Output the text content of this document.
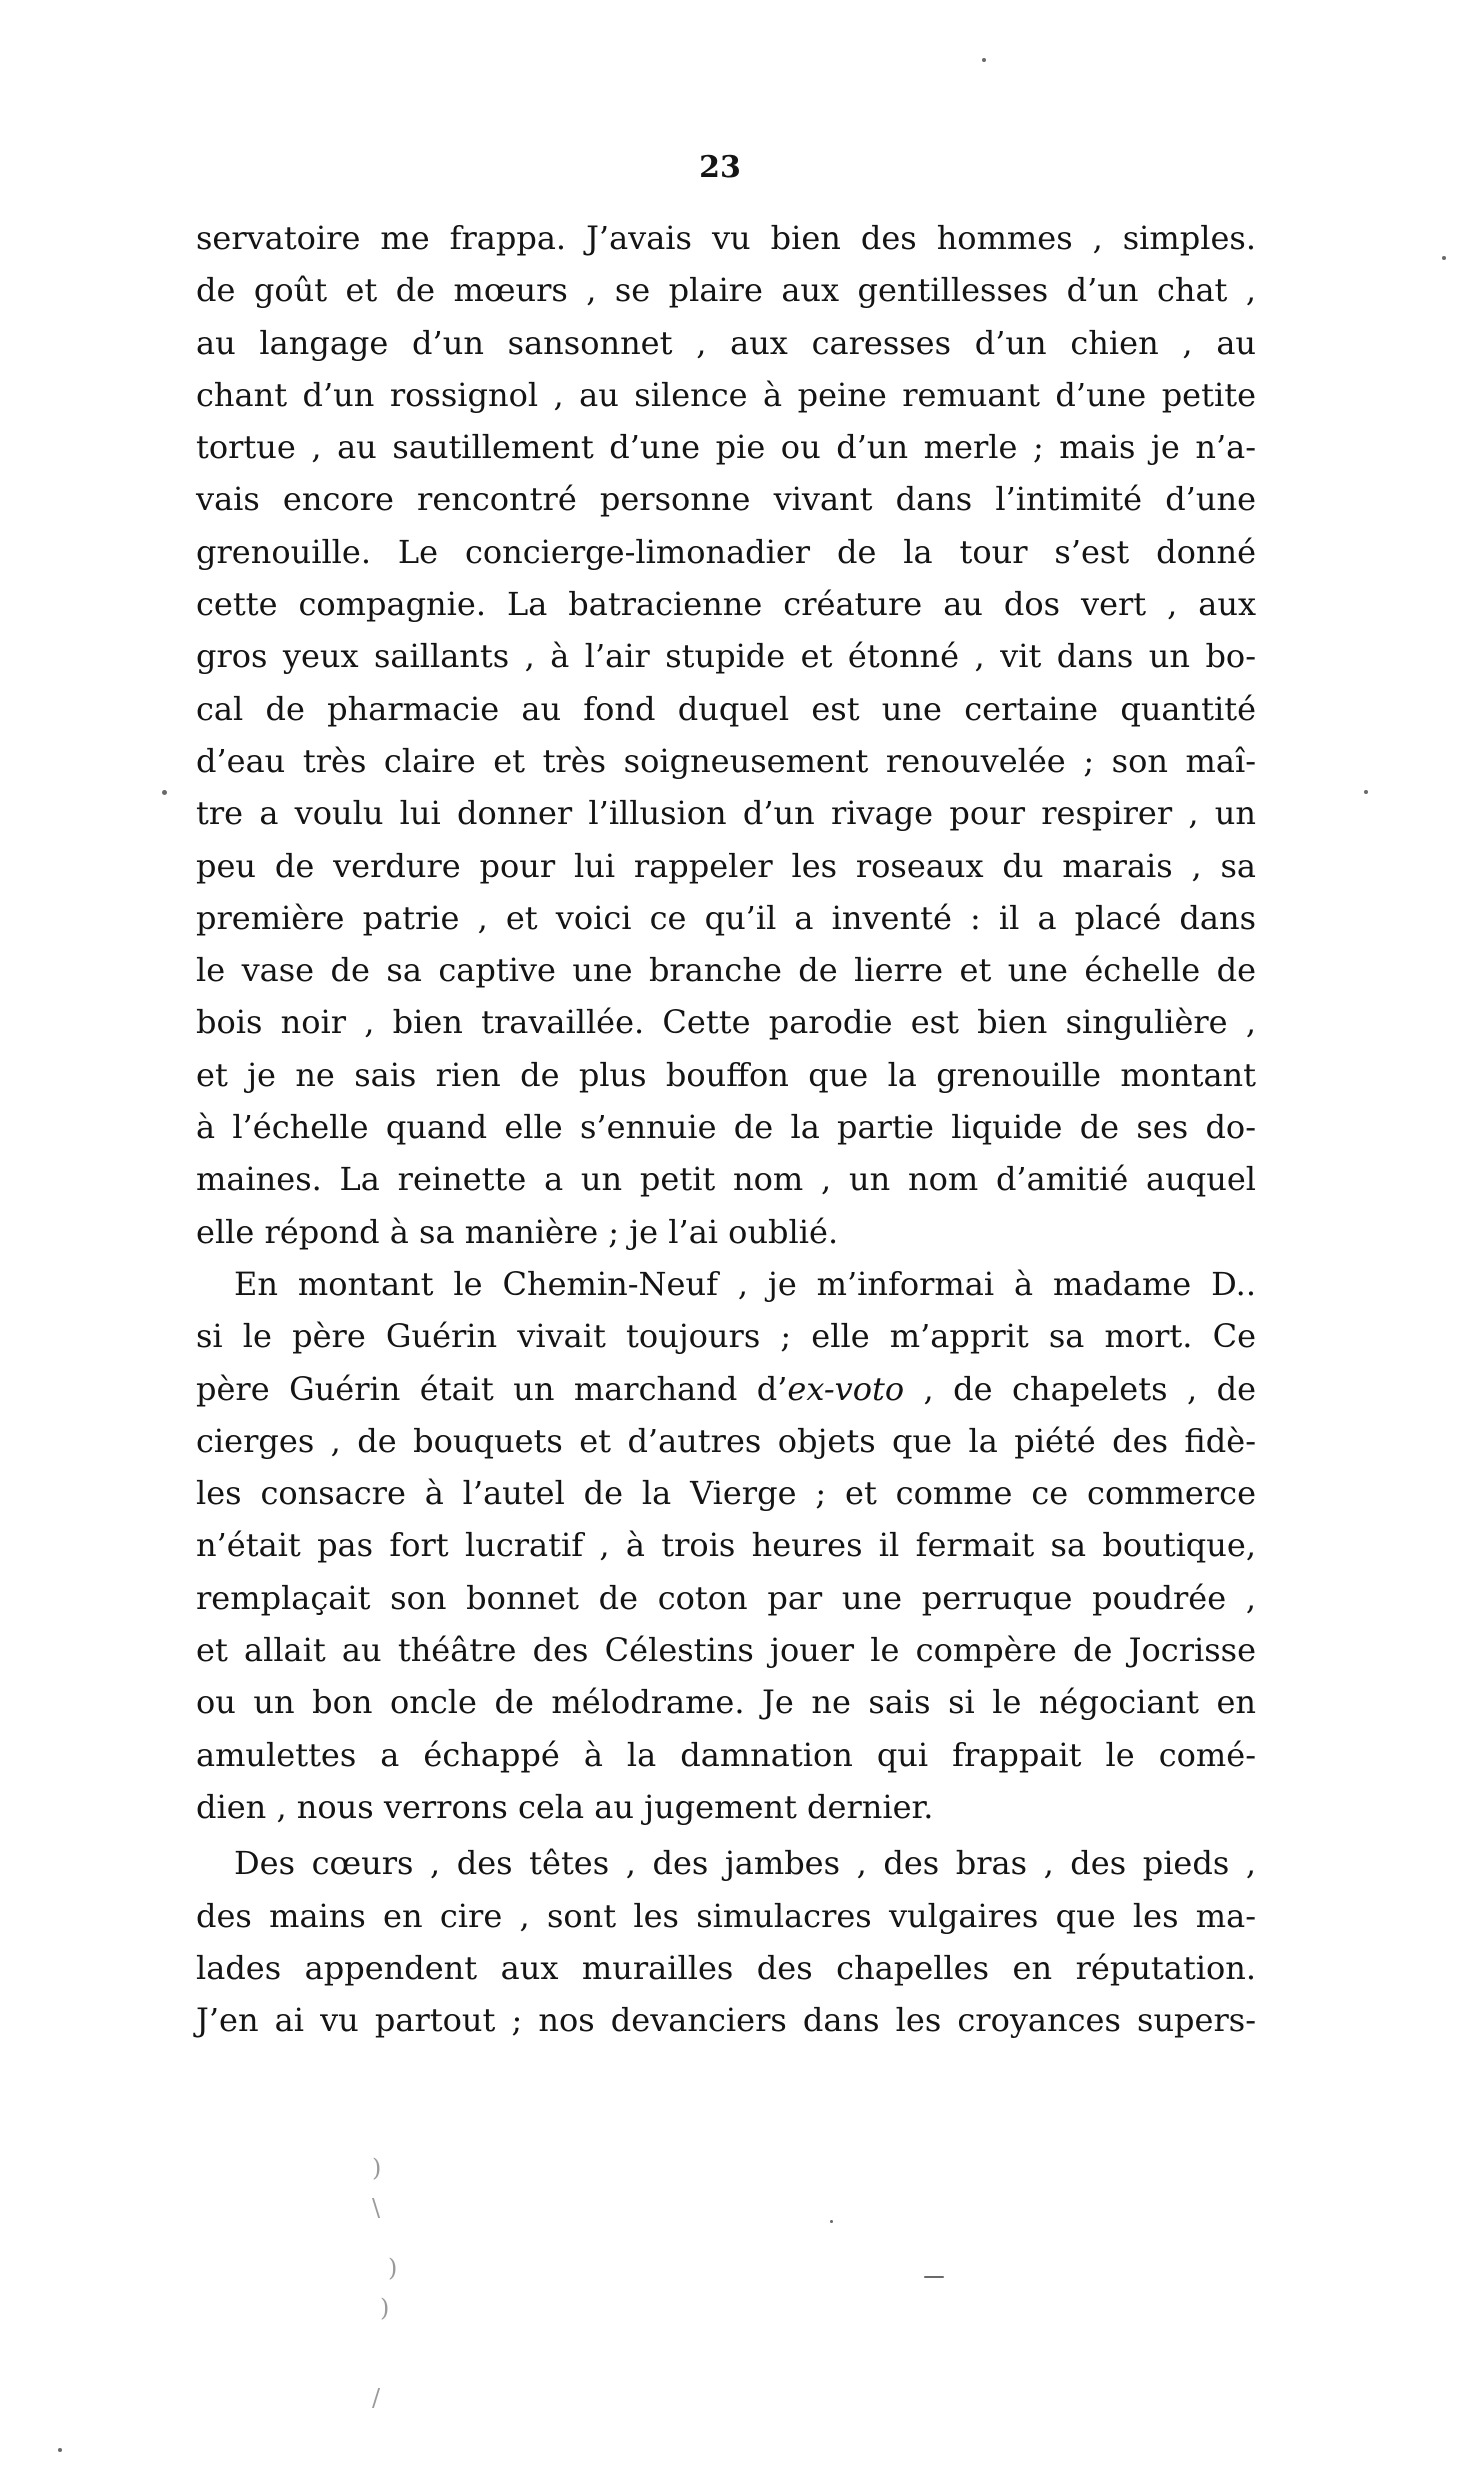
23
servatoire me frappa. J’avais vu bien des hommes , simples.
de goût et de mœurs , se plaire aux gentillesses d’un chat ,
au langage d’un sansonnet , aux caresses d’un chien , au
chant d’un rossignol , au silence à peine remuant d’une petite
tortue , au sautillement d’une pie ou d’un merle ; mais je n’a-
vais encore rencontré personne vivant dans l’intimité d’une
grenouille. Le concierge-limonadier de la tour s’est donné
cette compagnie. La batracienne créature au dos vert , aux
gros yeux saillants , à l’air stupide et étonné , vit dans un bo-
cal de pharmacie au fond duquel est une certaine quantité
d’eau très claire et très soigneusement renouvelée ; son maî-
tre a voulu lui donner l’illusion d’un rivage pour respirer , un
peu de verdure pour lui rappeler les roseaux du marais , sa
première patrie , et voici ce qu’il a inventé : il a placé dans
le vase de sa captive une branche de lierre et une échelle de
bois noir , bien travaillée. Cette parodie est bien singulière ,
et je ne sais rien de plus bouffon que la grenouille montant
à l’échelle quand elle s’ennuie de la partie liquide de ses do-
maines. La reinette a un petit nom , un nom d’amitié auquel
elle répond à sa manière ; je l’ai oublié.
En montant le Chemin-Neuf , je m’informai à madame D..
si le père Guérin vivait toujours ; elle m’apprit sa mort. Ce
père Guérin était un marchand d’ex-voto , de chapelets , de
cierges , de bouquets et d’autres objets que la piété des fidè-
les consacre à l’autel de la Vierge ; et comme ce commerce
n’était pas fort lucratif , à trois heures il fermait sa boutique,
remplaçait son bonnet de coton par une perruque poudrée ,
et allait au théâtre des Célestins jouer le compère de Jocrisse
ou un bon oncle de mélodrame. Je ne sais si le négociant en
amulettes a échappé à la damnation qui frappait le comé-
dien , nous verrons cela au jugement dernier.
Des cœurs , des têtes , des jambes , des bras , des pieds ,
des mains en cire , sont les simulacres vulgaires que les ma-
lades appendent aux murailles des chapelles en réputation.
J’en ai vu partout ; nos devanciers dans les croyances supers-
)
\
)
)
/
